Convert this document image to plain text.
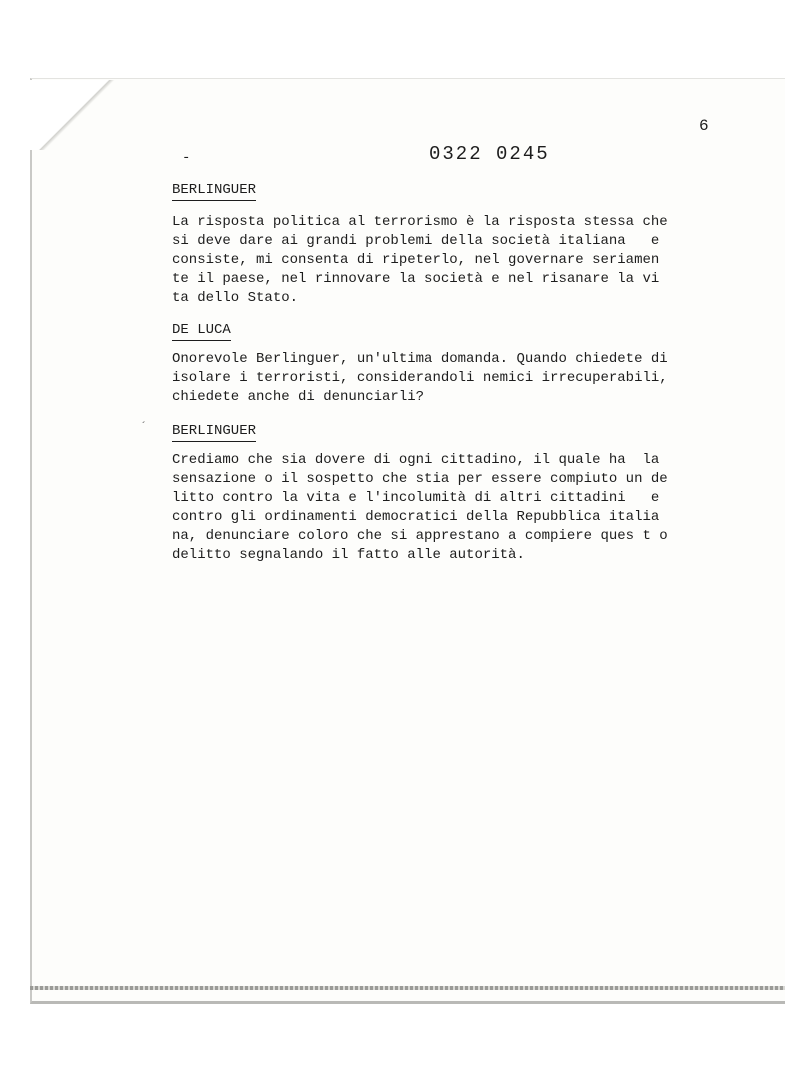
6
-	0322 0245
´
BERLINGUER
La risposta politica al terrorismo è la risposta stessa che
si deve dare ai grandi problemi della società italiana   e
consiste, mi consenta di ripeterlo, nel governare seriamen
te il paese, nel rinnovare la società e nel risanare la vi
ta dello Stato.
DE LUCA
Onorevole Berlinguer, un'ultima domanda. Quando chiedete di
isolare i terroristi, considerandoli nemici irrecuperabili,
chiedete anche di denunciarli?
BERLINGUER
Crediamo che sia dovere di ogni cittadino, il quale ha  la
sensazione o il sospetto che stia per essere compiuto un de
litto contro la vita e l'incolumità di altri cittadini   e
contro gli ordinamenti democratici della Repubblica italia
na, denunciare coloro che si apprestano a compiere ques t o
delitto segnalando il fatto alle autorità.
